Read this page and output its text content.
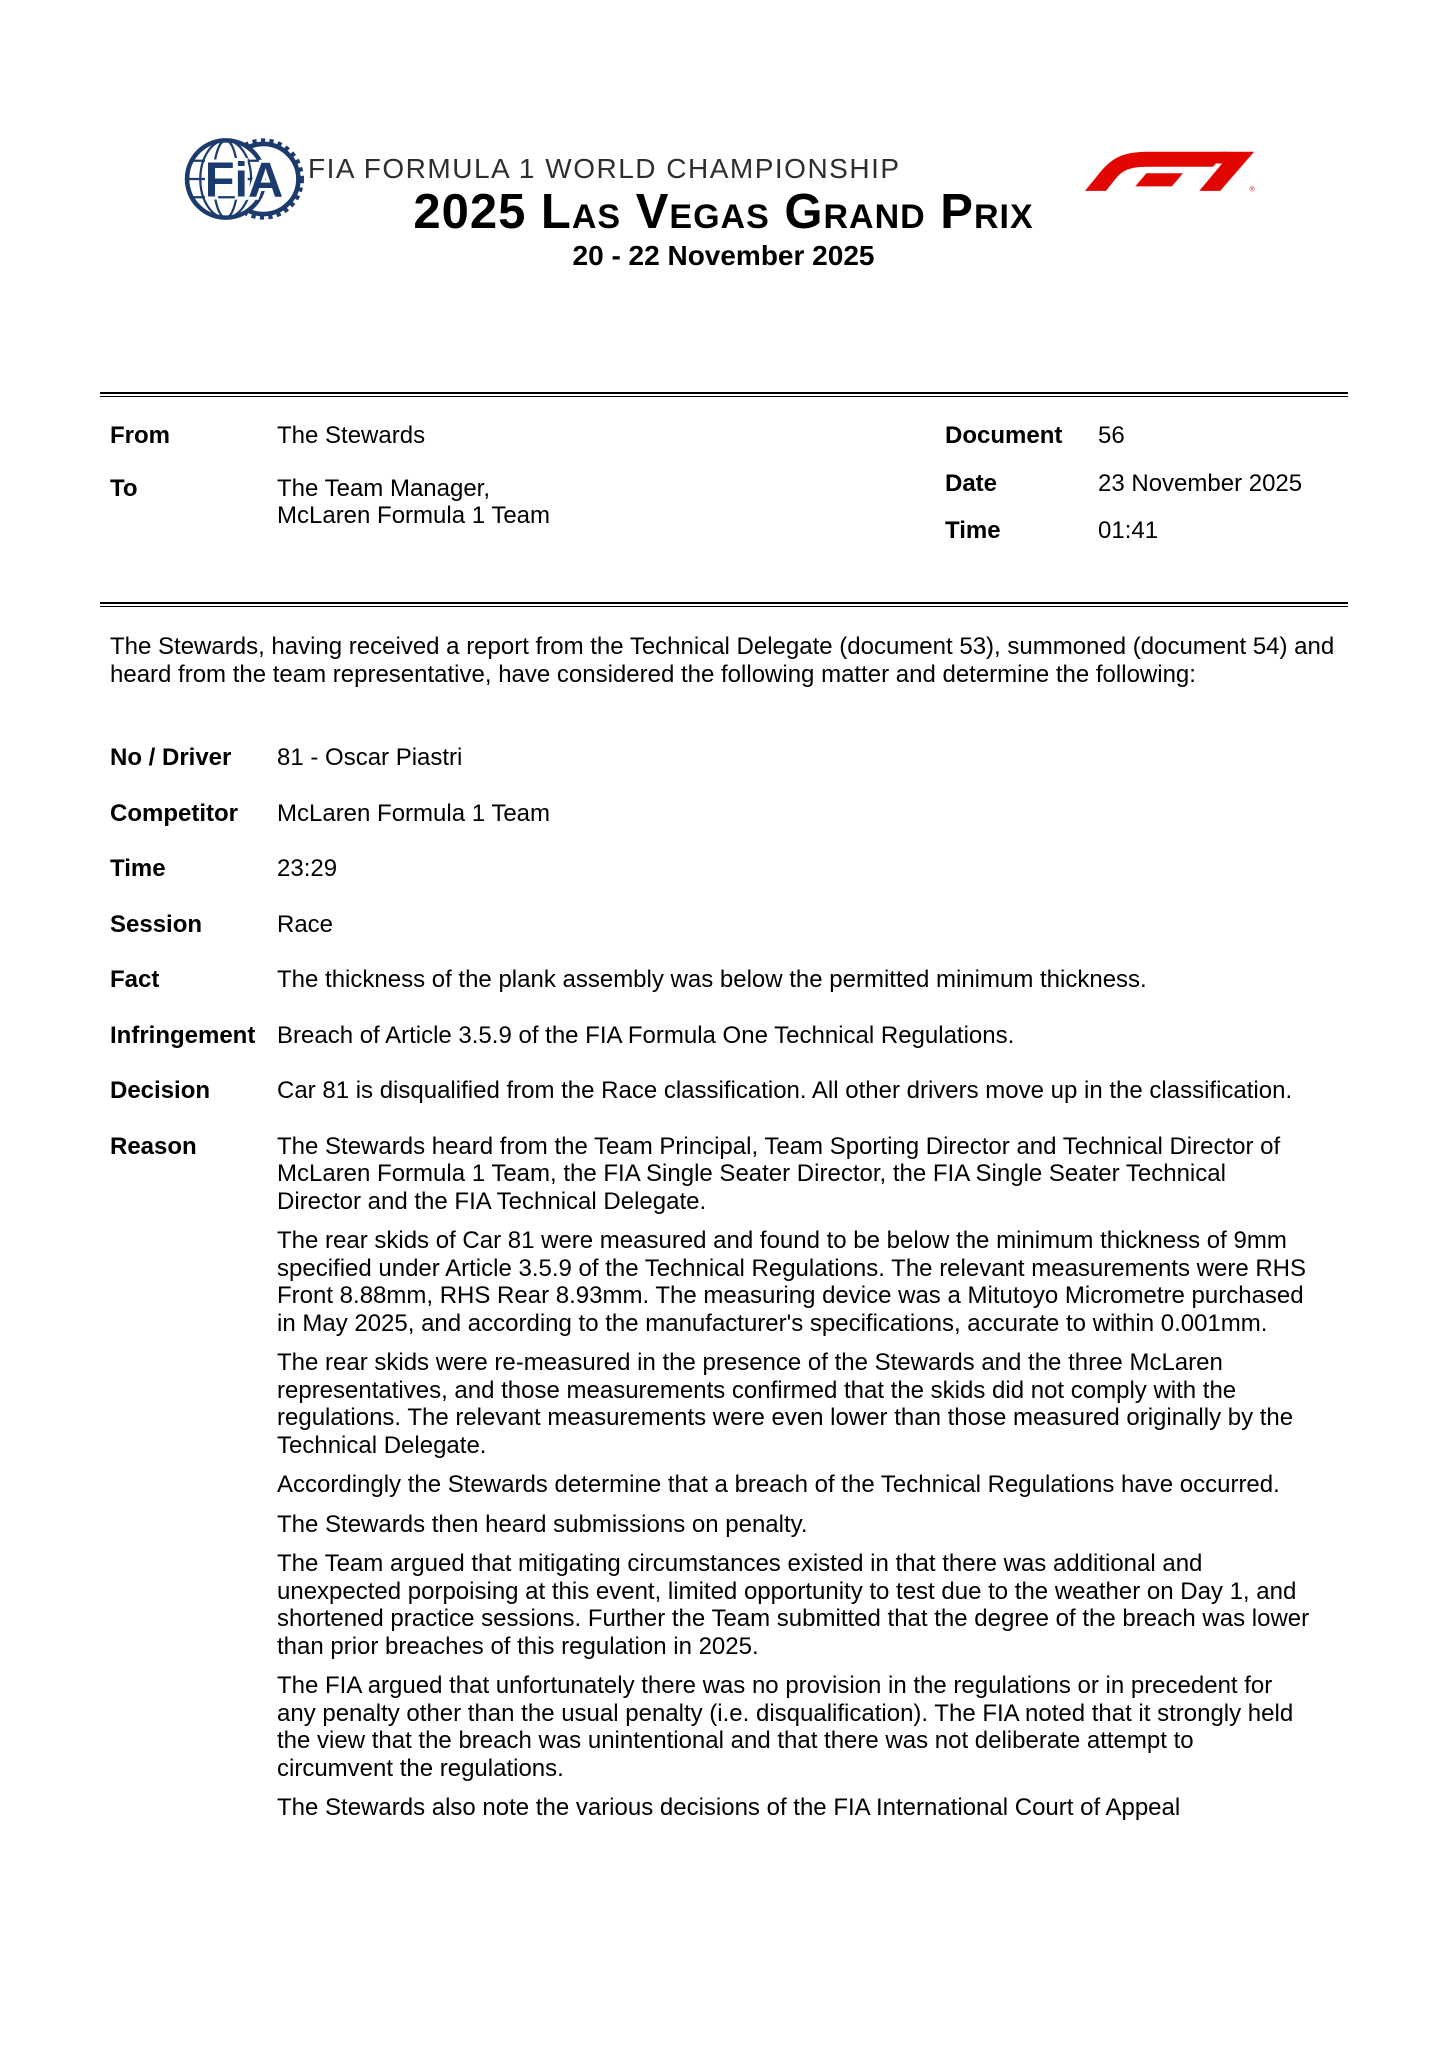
FiA FIA FORMULA 1 WORLD CHAMPIONSHIP
®
2025 Las Vegas Grand Prix
20 - 22 November 2025
From	The Stewards
To	The Team Manager,
McLaren Formula 1 Team
Document	56
Date	23 November 2025
Time	01:41

The Stewards, having received a report from the Technical Delegate (document 53), summoned (document 54) and heard from the team representative, have considered the following matter and determine the following:

No / Driver	81 - Oscar Piastri
Competitor	McLaren Formula 1 Team
Time	23:29
Session	Race
Fact	The thickness of the plank assembly was below the permitted minimum thickness.
Infringement Breach of Article 3.5.9 of the FIA Formula One Technical Regulations.
Decision	Car 81 is disqualified from the Race classification. All other drivers move up in the classification.
Reason	The Stewards heard from the Team Principal, Team Sporting Director and Technical Director of McLaren Formula 1 Team, the FIA Single Seater Director, the FIA Single Seater Technical Director and the FIA Technical Delegate.

The rear skids of Car 81 were measured and found to be below the minimum thickness of 9mm specified under Article 3.5.9 of the Technical Regulations. The relevant measurements were RHS Front 8.88mm, RHS Rear 8.93mm. The measuring device was a Mitutoyo Micrometre purchased in May 2025, and according to the manufacturer's specifications, accurate to within 0.001mm.

The rear skids were re-measured in the presence of the Stewards and the three McLaren representatives, and those measurements confirmed that the skids did not comply with the regulations. The relevant measurements were even lower than those measured originally by the Technical Delegate.

Accordingly the Stewards determine that a breach of the Technical Regulations have occurred.

The Stewards then heard submissions on penalty.

The Team argued that mitigating circumstances existed in that there was additional and unexpected porpoising at this event, limited opportunity to test due to the weather on Day 1, and shortened practice sessions. Further the Team submitted that the degree of the breach was lower than prior breaches of this regulation in 2025.

The FIA argued that unfortunately there was no provision in the regulations or in precedent for any penalty other than the usual penalty (i.e. disqualification). The FIA noted that it strongly held the view that the breach was unintentional and that there was not deliberate attempt to circumvent the regulations.

The Stewards also note the various decisions of the FIA International Court of Appeal
